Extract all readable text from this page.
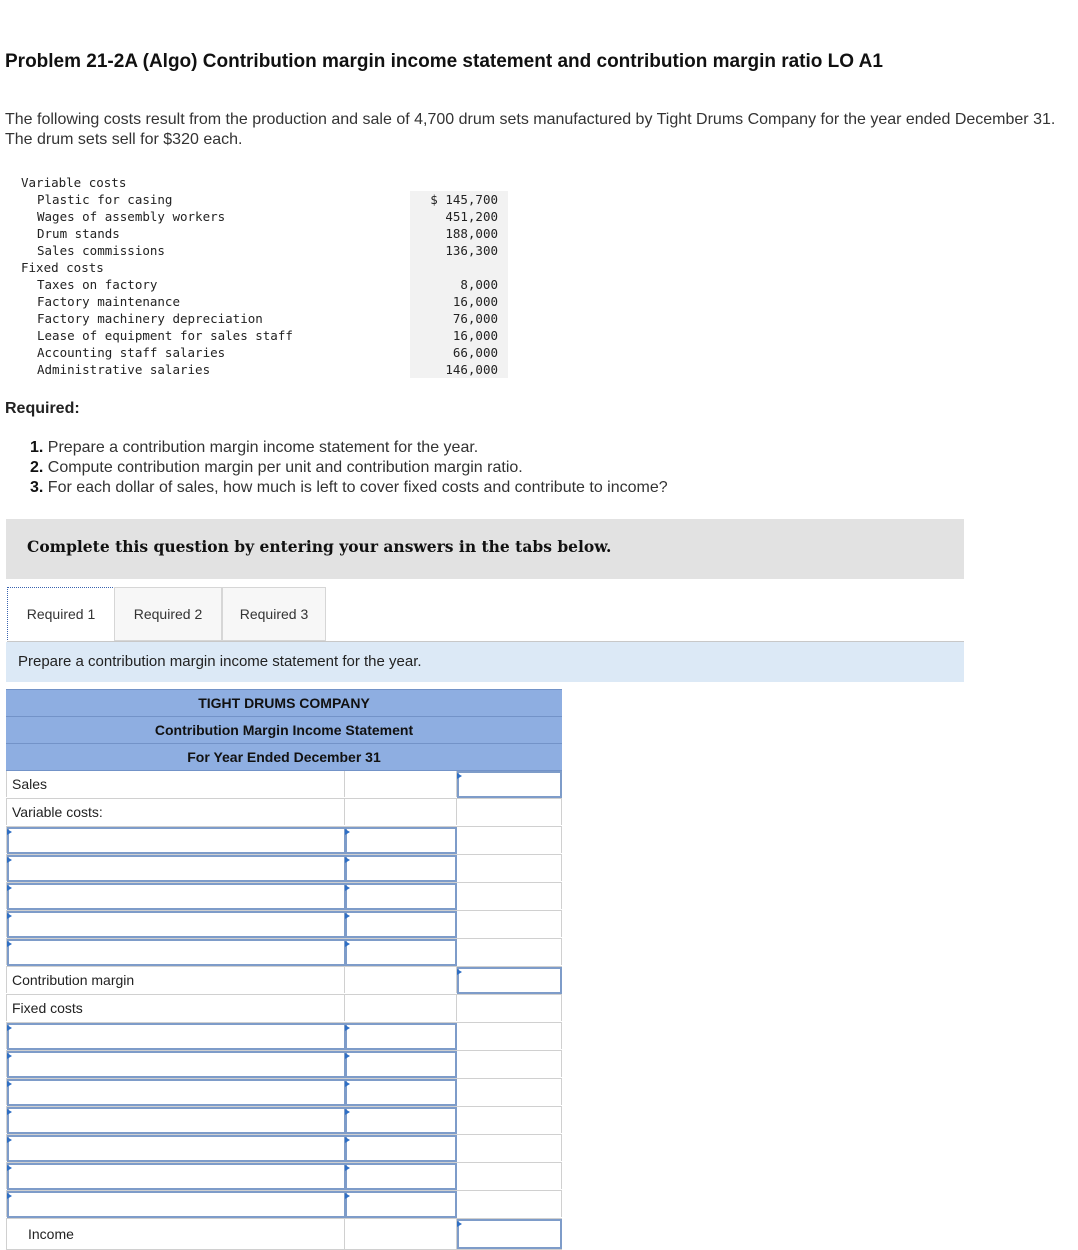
Problem 21-2A (Algo) Contribution margin income statement and contribution margin ratio LO A1
The following costs result from the production and sale of 4,700 drum sets manufactured by Tight Drums Company for the year ended December 31. The drum sets sell for $320 each.
Variable costs
Plastic for casing	$ 145,700
Wages of assembly workers	451,200
Drum stands	188,000
Sales commissions	136,300
Fixed costs

Taxes on factory	8,000
Factory maintenance	16,000
Factory machinery depreciation	76,000
Lease of equipment for sales staff	16,000
Accounting staff salaries	66,000
Administrative salaries	146,000
Required:
1. Prepare a contribution margin income statement for the year.
2. Compute contribution margin per unit and contribution margin ratio.
3. For each dollar of sales, how much is left to cover fixed costs and contribute to income?
Complete this question by entering your answers in the tabs below.
Required 1	Required 2	Required 3
Prepare a contribution margin income statement for the year.
TIGHT DRUMS COMPANY
Contribution Margin Income Statement
For Year Ended December 31
Sales
Variable costs:
Contribution margin
Fixed costs
Income
